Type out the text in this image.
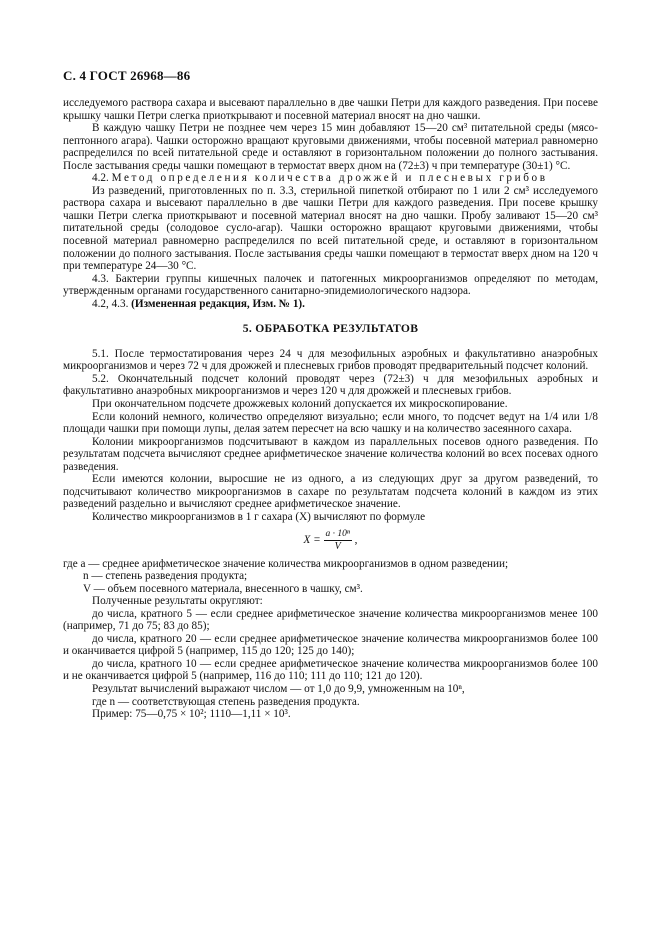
С. 4 ГОСТ 26968—86

исследуемого раствора сахара и высевают параллельно в две чашки Петри для каждого разведения. При посеве крышку чашки Петри слегка приоткрывают и посевной материал вносят на дно чашки.

В каждую чашку Петри не позднее чем через 15 мин добавляют 15—20 см³ питательной среды (мясо-пептонного агара). Чашки осторожно вращают круговыми движениями, чтобы посевной материал равномерно распределился по всей питательной среде и оставляют в горизонтальном положении до полного застывания. После застывания среды чашки помещают в термостат вверх дном на (72±3) ч при температуре (30±1) °С.

4.2. Метод определения количества дрожжей и плесневых грибов

Из разведений, приготовленных по п. 3.3, стерильной пипеткой отбирают по 1 или 2 см³ исследуемого раствора сахара и высевают параллельно в две чашки Петри для каждого разведения. При посеве крышку чашки Петри слегка приоткрывают и посевной материал вносят на дно чашки. Пробу заливают 15—20 см³ питательной среды (солодовое сусло-агар). Чашки осторожно вращают круговыми движениями, чтобы посевной материал равномерно распределился по всей питательной среде, и оставляют в горизонтальном положении до полного застывания. После застывания среды чашки помещают в термостат вверх дном на 120 ч при температуре 24—30 °С.

4.3. Бактерии группы кишечных палочек и патогенных микроорганизмов определяют по методам, утвержденным органами государственного санитарно-эпидемиологического надзора.

4.2, 4.3. (Измененная редакция, Изм. № 1).

5. ОБРАБОТКА РЕЗУЛЬТАТОВ

5.1. После термостатирования через 24 ч для мезофильных аэробных и факультативно анаэробных микроорганизмов и через 72 ч для дрожжей и плесневых грибов проводят предварительный подсчет колоний.

5.2. Окончательный подсчет колоний проводят через (72±3) ч для мезофильных аэробных и факультативно анаэробных микроорганизмов и через 120 ч для дрожжей и плесневых грибов.

При окончательном подсчете дрожжевых колоний допускается их микроскопирование.

Если колоний немного, количество определяют визуально; если много, то подсчет ведут на 1/4 или 1/8 площади чашки при помощи лупы, делая затем пересчет на всю чашку и на количество засеянного сахара.

Колонии микроорганизмов подсчитывают в каждом из параллельных посевов одного разведения. По результатам подсчета вычисляют среднее арифметическое значение количества колоний во всех посевах одного разведения.

Если имеются колонии, выросшие не из одного, а из следующих друг за другом разведений, то подсчитывают количество микроорганизмов в сахаре по результатам подсчета колоний в каждом из этих разведений раздельно и вычисляют среднее арифметическое значение.

Количество микроорганизмов в 1 г сахара (X) вычисляют по формуле

$X = \frac{\text{a · 10ⁿ}}{V}$ ,

где a — среднее арифметическое значение количества микроорганизмов в одном разведении;

n — степень разведения продукта;

V — объем посевного материала, внесенного в чашку, см³.

Полученные результаты округляют:

до числа, кратного 5 — если среднее арифметическое значение количества микроорганизмов менее 100 (например, 71 до 75; 83 до 85);

до числа, кратного 20 — если среднее арифметическое значение количества микроорганизмов более 100 и оканчивается цифрой 5 (например, 115 до 120; 125 до 140);

до числа, кратного 10 — если среднее арифметическое значение количества микроорганизмов более 100 и не оканчивается цифрой 5 (например, 116 до 110; 111 до 110; 121 до 120).

Результат вычислений выражают числом — от 1,0 до 9,9, умноженным на 10ⁿ,

где n — соответствующая степень разведения продукта.

Пример: 75—0,75 × 10²; 1110—1,11 × 10³.
